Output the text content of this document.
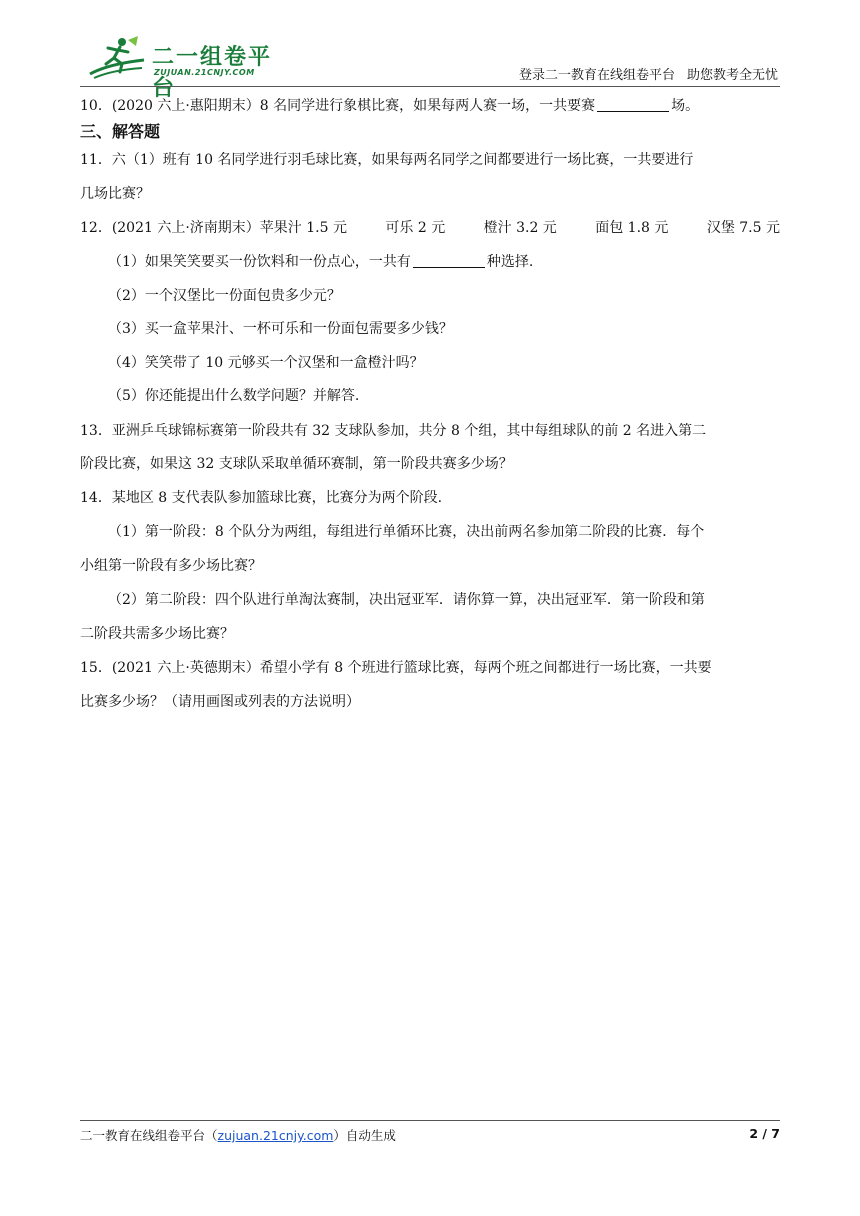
二一组卷平台
ZUJUAN.21CNJY.COM	登录二一教育在线组卷平台 助您教考全无忧
10．(2020 六上·惠阳期末）8 名同学进行象棋比赛，如果每两人赛一场，一共要赛	场。
三、解答题
11．六（1）班有 10 名同学进行羽毛球比赛，如果每两名同学之间都要进行一场比赛，一共要进行
几场比赛？
12．(2021 六上·济南期末）苹果汁 1.5 元	可乐 2 元	橙汁 3.2 元	面包 1.8 元	汉堡 7.5 元
（1）如果笑笑要买一份饮料和一份点心，一共有	种选择.
（2）一个汉堡比一份面包贵多少元？
（3）买一盒苹果汁、一杯可乐和一份面包需要多少钱？
（4）笑笑带了 10 元够买一个汉堡和一盒橙汁吗？
（5）你还能提出什么数学问题？并解答.
13．亚洲乒乓球锦标赛第一阶段共有 32 支球队参加，共分 8 个组，其中每组球队的前 2 名进入第二
阶段比赛，如果这 32 支球队采取单循环赛制，第一阶段共赛多少场？
14．某地区 8 支代表队参加篮球比赛，比赛分为两个阶段.
（1）第一阶段：8 个队分为两组，每组进行单循环比赛，决出前两名参加第二阶段的比赛．每个
小组第一阶段有多少场比赛？
（2）第二阶段：四个队进行单淘汰赛制，决出冠亚军．请你算一算，决出冠亚军．第一阶段和第
二阶段共需多少场比赛？
15．(2021 六上·英德期末）希望小学有 8 个班进行篮球比赛，每两个班之间都进行一场比赛，一共要
比赛多少场？（请用画图或列表的方法说明）
二一教育在线组卷平台（zujuan.21cnjy.com）自动生成	2 / 7
